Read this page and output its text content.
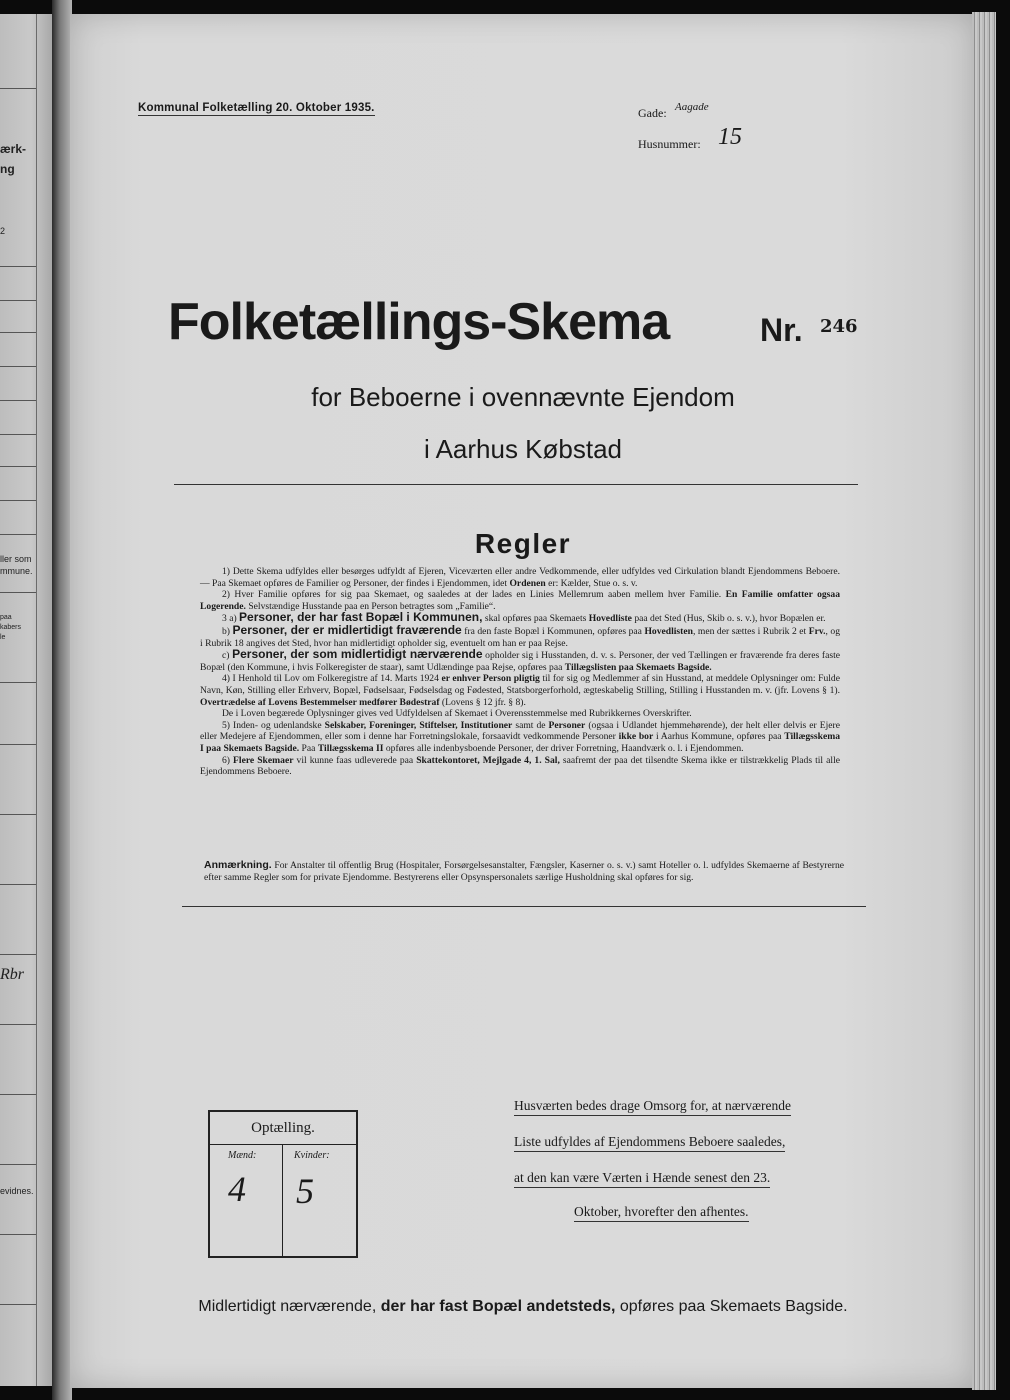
ærk-
ng
2
ller som
mmune.
paa
kabers
le
Rbr
evidnes.
Kommunal Folketælling 20. Oktober 1935.	Gade: Aagade
Husnummer: 15
Folketællings-Skema	Nr. 246
for Beboerne i ovennævnte Ejendom
i Aarhus Købstad
Regler

1) Dette Skema udfyldes eller besørges udfyldt af Ejeren, Viceværten eller andre Vedkommende, eller udfyldes ved Cirkulation blandt Ejendommens Beboere. — Paa Skemaet opføres de Familier og Personer, der findes i Ejendommen, idet Ordenen er: Kælder, Stue o. s. v.

2) Hver Familie opføres for sig paa Skemaet, og saaledes at der lades en Linies Mellemrum aaben mellem hver Familie. En Familie omfatter ogsaa Logerende. Selvstændige Husstande paa en Person betragtes som „Familie“.

3 a) Personer, der har fast Bopæl i Kommunen, skal opføres paa Skemaets Hovedliste paa det Sted (Hus, Skib o. s. v.), hvor Bopælen er.

b) Personer, der er midlertidigt fraværende fra den faste Bopæl i Kommunen, opføres paa Hovedlisten, men der sættes i Rubrik 2 et Frv., og i Rubrik 18 angives det Sted, hvor han midlertidigt opholder sig, eventuelt om han er paa Rejse.

c) Personer, der som midlertidigt nærværende opholder sig i Husstanden, d. v. s. Personer, der ved Tællingen er fraværende fra deres faste Bopæl (den Kommune, i hvis Folkeregister de staar), samt Udlændinge paa Rejse, opføres paa Tillægslisten paa Skemaets Bagside.

4) I Henhold til Lov om Folkeregistre af 14. Marts 1924 er enhver Person pligtig til for sig og Medlemmer af sin Husstand, at meddele Oplysninger om: Fulde Navn, Køn, Stilling eller Erhverv, Bopæl, Fødselsaar, Fødselsdag og Fødested, Statsborgerforhold, ægteskabelig Stilling, Stilling i Husstanden m. v. (jfr. Lovens § 1). Overtrædelse af Lovens Bestemmelser medfører Bødestraf (Lovens § 12 jfr. § 8).

De i Loven begærede Oplysninger gives ved Udfyldelsen af Skemaet i Overensstemmelse med Rubrikkernes Overskrifter.

5) Inden- og udenlandske Selskaber, Foreninger, Stiftelser, Institutioner samt de Personer (ogsaa i Udlandet hjemmehørende), der helt eller delvis er Ejere eller Medejere af Ejendommen, eller som i denne har Forretningslokale, forsaavidt vedkommende Personer ikke bor i Aarhus Kommune, opføres paa Tillægsskema I paa Skemaets Bagside. Paa Tillægsskema II opføres alle indenbysboende Personer, der driver Forretning, Haandværk o. l. i Ejendommen.

6) Flere Skemaer vil kunne faas udleverede paa Skattekontoret, Mejlgade 4, 1. Sal, saafremt der paa det tilsendte Skema ikke er tilstrækkelig Plads til alle Ejendommens Beboere.

Anmærkning. For Anstalter til offentlig Brug (Hospitaler, Forsørgelsesanstalter, Fængsler, Kaserner o. s. v.) samt Hoteller o. l. udfyldes Skemaerne af Bestyrerne efter samme Regler som for private Ejendomme. Bestyrerens eller Opsynspersonalets særlige Husholdning skal opføres for sig.
Optælling.
Mænd:	Kvinder:
4 5
Husværten bedes drage Omsorg for, at nærværende
Liste udfyldes af Ejendommens Beboere saaledes,
at den kan være Værten i Hænde senest den 23.
Oktober, hvorefter den afhentes.
Midlertidigt nærværende, der har fast Bopæl andetsteds, opføres paa Skemaets Bagside.
